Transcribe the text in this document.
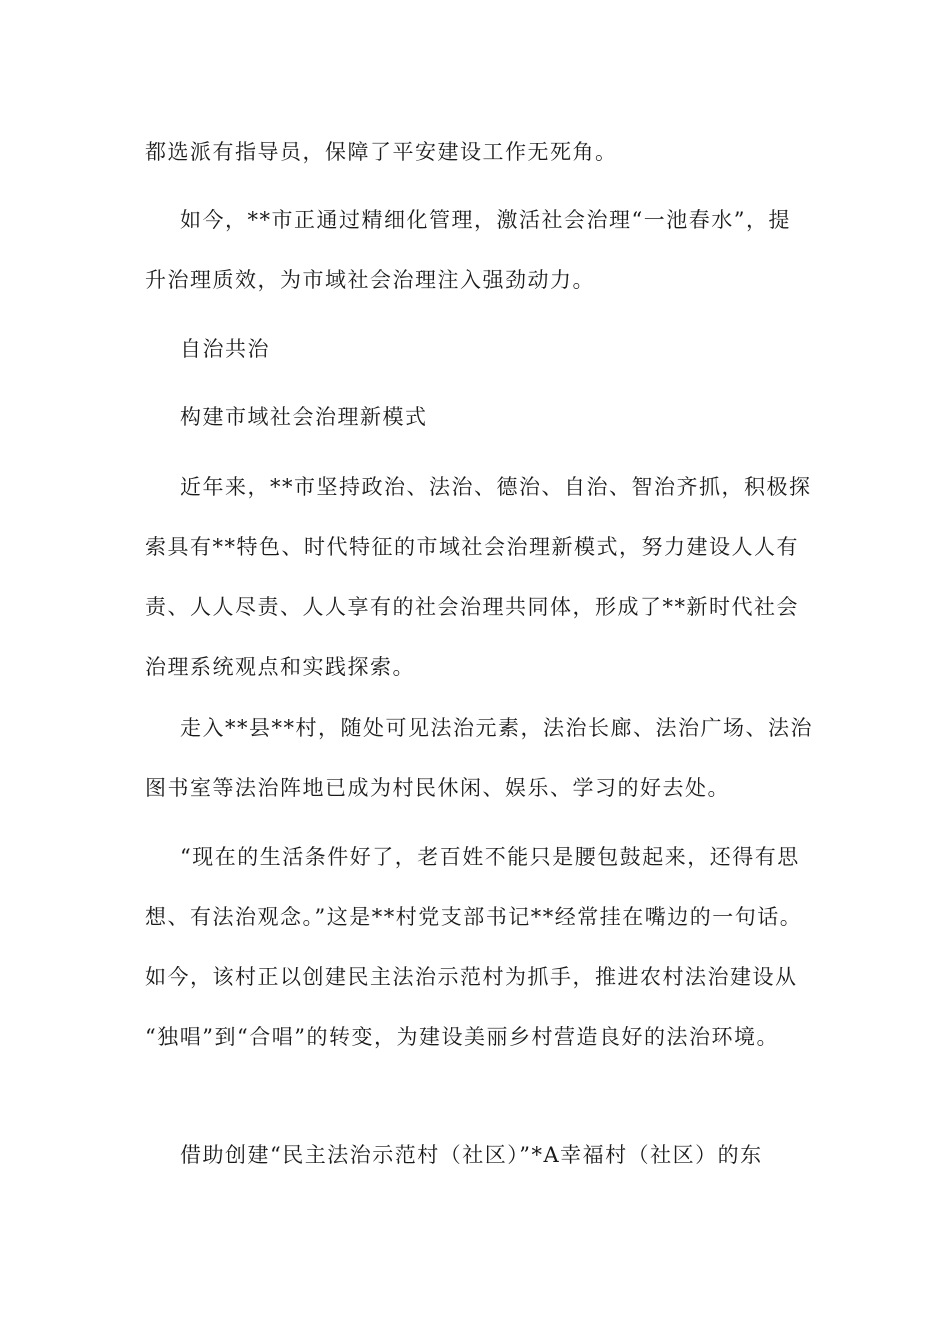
都选派有指导员，保障了平安建设工作无死角。
如今，**市正通过精细化管理，激活社会治理“一池春水”，提
升治理质效，为市域社会治理注入强劲动力。
自治共治
构建市域社会治理新模式
近年来，**市坚持政治、法治、德治、自治、智治齐抓，积极探
索具有**特色、时代特征的市域社会治理新模式，努力建设人人有
责、人人尽责、人人享有的社会治理共同体，形成了**新时代社会
治理系统观点和实践探索。
走入**县**村，随处可见法治元素，法治长廊、法治广场、法治
图书室等法治阵地已成为村民休闲、娱乐、学习的好去处。
“现在的生活条件好了，老百姓不能只是腰包鼓起来，还得有思
想、有法治观念。”这是**村党支部书记**经常挂在嘴边的一句话。
如今，该村正以创建民主法治示范村为抓手，推进农村法治建设从
“独唱”到“合唱”的转变，为建设美丽乡村营造良好的法治环境。
借助创建“民主法治示范村（社区）”*A幸福村（社区）的东
